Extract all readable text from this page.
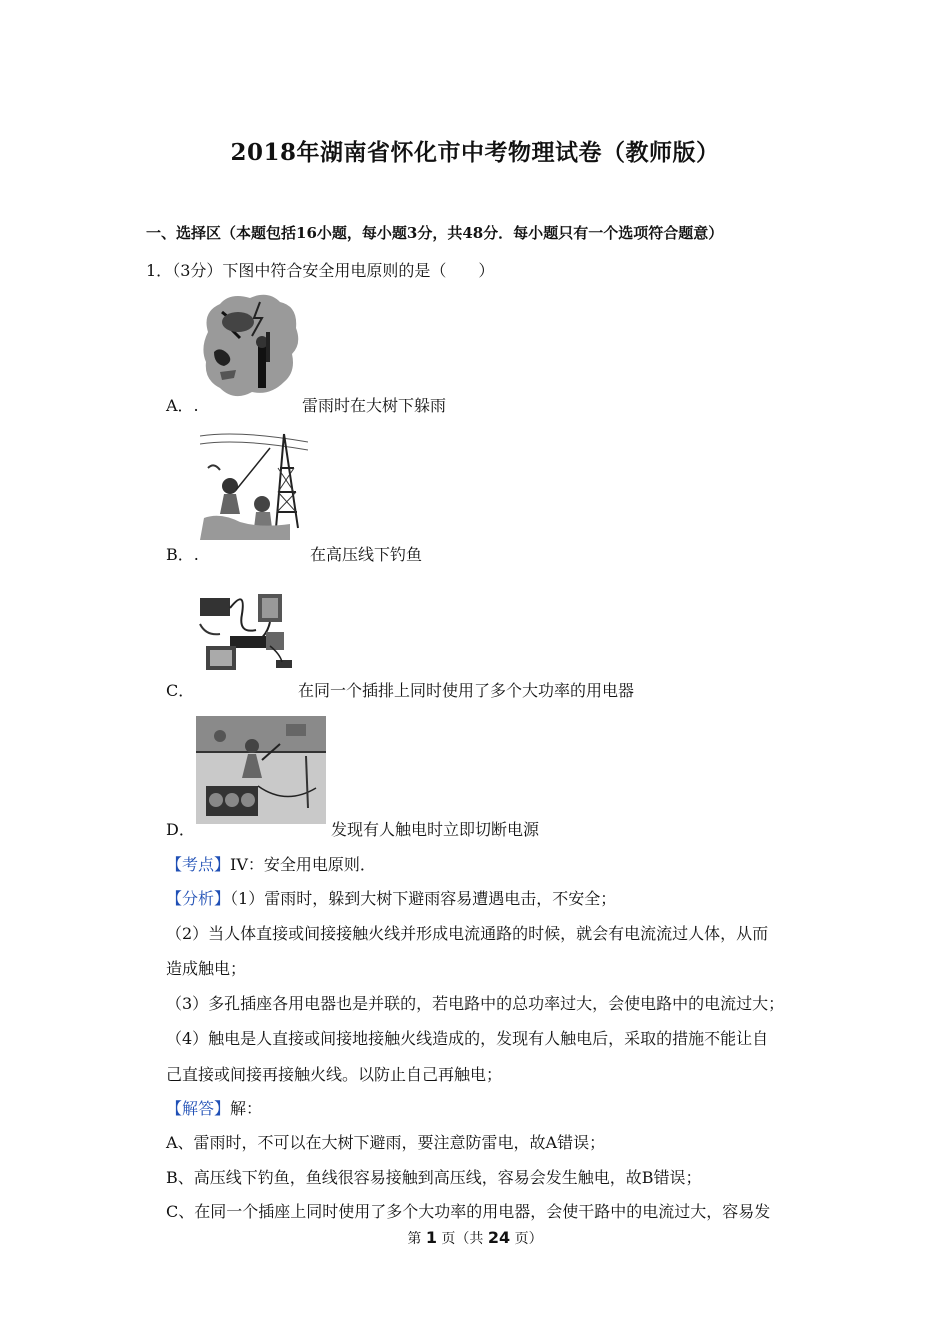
2018年湖南省怀化市中考物理试卷（教师版）
一、选择区（本题包括16小题，每小题3分，共48分．每小题只有一个选项符合题意）
1．（3分）下图中符合安全用电原则的是（　　）
A．.	雷雨时在大树下躲雨
B．.	在高压线下钓鱼
C．	在同一个插排上同时使用了多个大功率的用电器
D．	发现有人触电时立即切断电源
【考点】IV：安全用电原则．
【分析】（1）雷雨时，躲到大树下避雨容易遭遇电击，不安全；
（2）当人体直接或间接接触火线并形成电流通路的时候，就会有电流流过人体，从而
造成触电；
（3）多孔插座各用电器也是并联的，若电路中的总功率过大，会使电路中的电流过大；
（4）触电是人直接或间接地接触火线造成的，发现有人触电后，采取的措施不能让自
己直接或间接再接触火线。以防止自己再触电；
【解答】解：
A、雷雨时，不可以在大树下避雨，要注意防雷电，故A错误；
B、高压线下钓鱼，鱼线很容易接触到高压线，容易会发生触电，故B错误；
C、在同一个插座上同时使用了多个大功率的用电器，会使干路中的电流过大，容易发
第 1 页（共 24 页）
